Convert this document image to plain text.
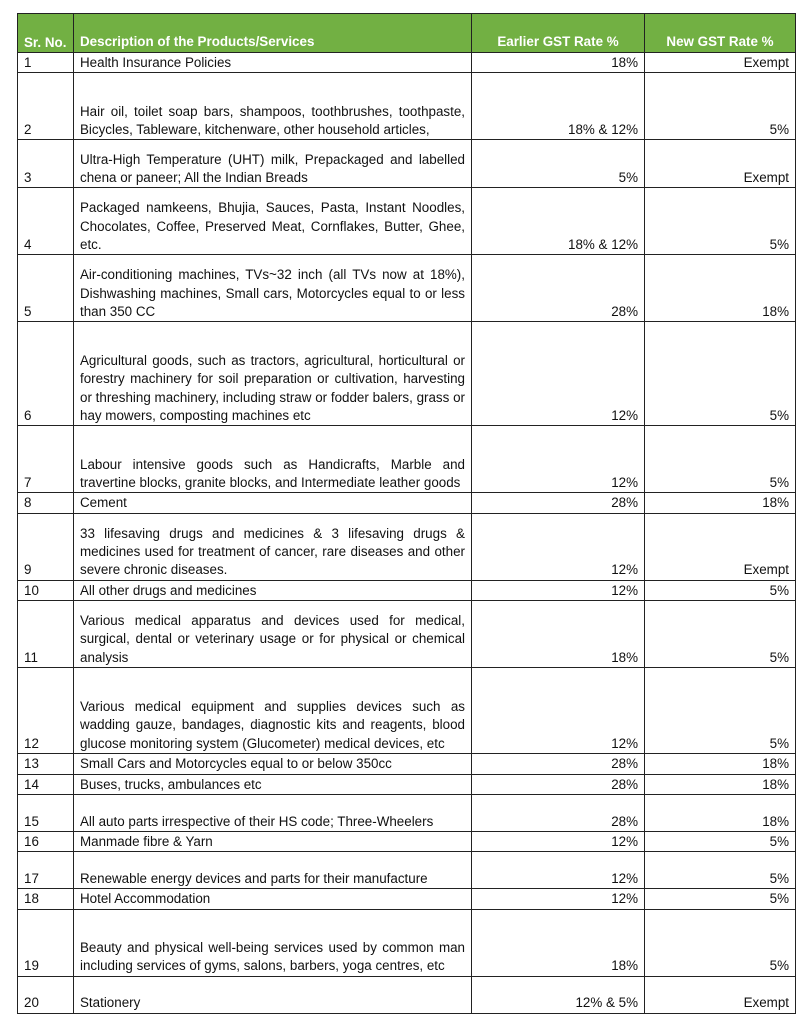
Sr. No.	Description of the Products/Services	Earlier GST Rate %	New GST Rate %
1	Health Insurance Policies	18%	Exempt
2	Hair oil, toilet soap bars, shampoos, toothbrushes, toothpaste, Bicycles, Tableware, kitchenware, other household articles,	18% & 12%	5%
3	Ultra-High Temperature (UHT) milk, Prepackaged and labelled chena or paneer; All the Indian Breads	5%	Exempt
4	Packaged namkeens, Bhujia, Sauces, Pasta, Instant Noodles, Chocolates, Coffee, Preserved Meat, Cornflakes, Butter, Ghee, etc.	18% & 12%	5%
5	Air-conditioning machines, TVs~32 inch (all TVs now at 18%), Dishwashing machines, Small cars, Motorcycles equal to or less than 350 CC	28%	18%
6	Agricultural goods, such as tractors, agricultural, horticultural or forestry machinery for soil preparation or cultivation, harvesting or threshing machinery, including straw or fodder balers, grass or hay mowers, composting machines etc	12%	5%
7	Labour intensive goods such as Handicrafts, Marble and travertine blocks, granite blocks, and Intermediate leather goods	12%	5%
8	Cement	28%	18%
9	33 lifesaving drugs and medicines & 3 lifesaving drugs & medicines used for treatment of cancer, rare diseases and other severe chronic diseases.	12%	Exempt
10	All other drugs and medicines	12%	5%
11	Various medical apparatus and devices used for medical, surgical, dental or veterinary usage or for physical or chemical analysis	18%	5%
12	Various medical equipment and supplies devices such as wadding gauze, bandages, diagnostic kits and reagents, blood glucose monitoring system (Glucometer) medical devices, etc	12%	5%
13	Small Cars and Motorcycles equal to or below 350cc	28%	18%
14	Buses, trucks, ambulances etc	28%	18%
15	All auto parts irrespective of their HS code; Three-Wheelers	28%	18%
16	Manmade fibre & Yarn	12%	5%
17	Renewable energy devices and parts for their manufacture	12%	5%
18	Hotel Accommodation	12%	5%
19	Beauty and physical well-being services used by common man including services of gyms, salons, barbers, yoga centres, etc	18%	5%
20	Stationery	12% & 5%	Exempt
